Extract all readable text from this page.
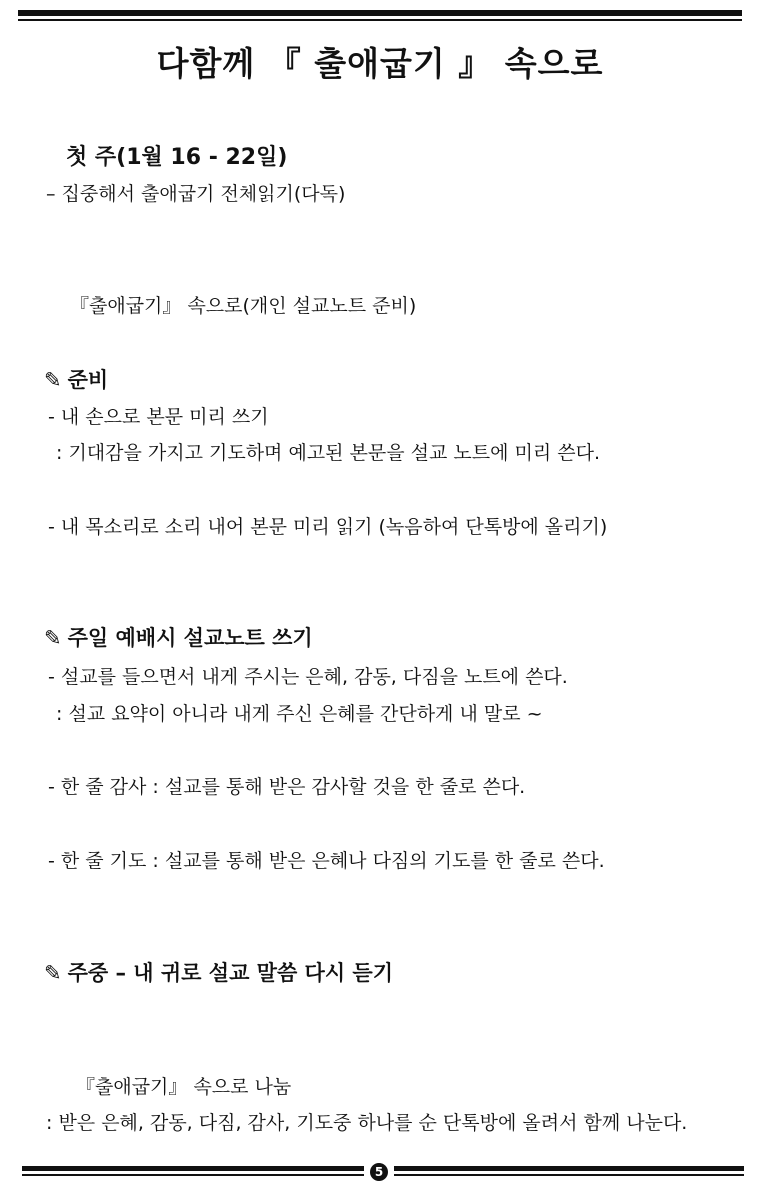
다함께 『 출애굽기 』 속으로
첫 주(1월 16 - 22일)
– 집중해서 출애굽기 전체읽기(다독)
『출애굽기』 속으로(개인 설교노트 준비)
✎ 준비
- 내 손으로 본문 미리 쓰기
: 기대감을 가지고 기도하며 예고된 본문을 설교 노트에 미리 쓴다.
- 내 목소리로 소리 내어 본문 미리 읽기 (녹음하여 단톡방에 올리기)
✎ 주일 예배시 설교노트 쓰기
- 설교를 들으면서 내게 주시는 은혜, 감동, 다짐을 노트에 쓴다.
: 설교 요약이 아니라 내게 주신 은혜를 간단하게 내 말로 ~
- 한 줄 감사 : 설교를 통해 받은 감사할 것을 한 줄로 쓴다.
- 한 줄 기도 : 설교를 통해 받은 은혜나 다짐의 기도를 한 줄로 쓴다.
✎ 주중 – 내 귀로 설교 말씀 다시 듣기
『출애굽기』 속으로 나눔
: 받은 은혜, 감동, 다짐, 감사, 기도중 하나를 순 단톡방에 올려서 함께 나눈다.
5
